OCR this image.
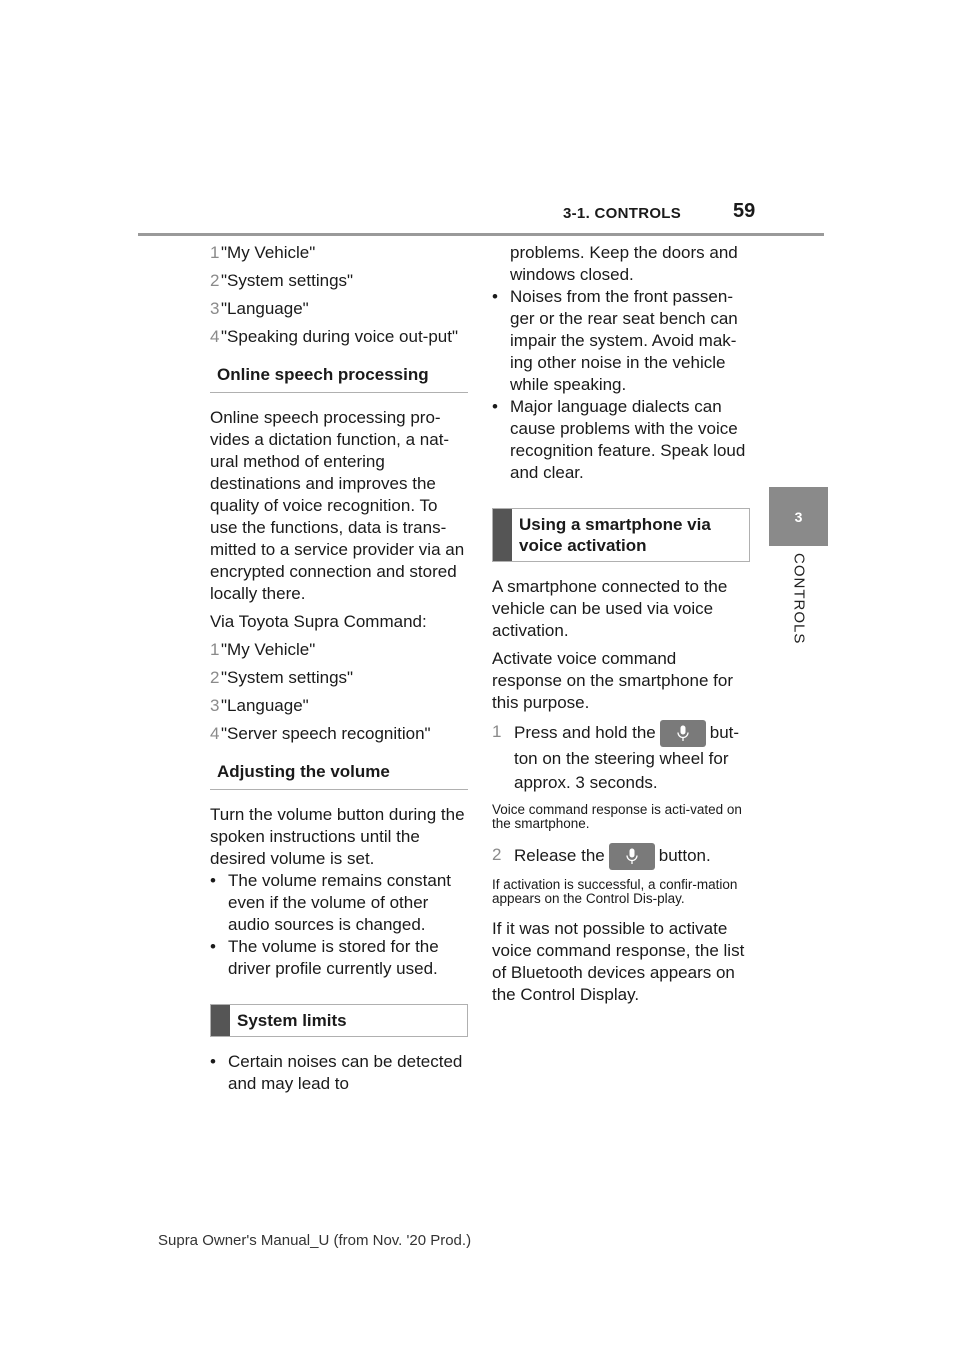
3-1. CONTROLS	59
3
CONTROLS
1 "My Vehicle"
2 "System settings"
3 "Language"
4 "Speaking during voice out-put"
Online speech processing

Online speech processing pro-vides a dictation function, a nat-ural method of entering destinations and improves the quality of voice recognition. To use the functions, data is trans-mitted to a service provider via an encrypted connection and stored locally there.

Via Toyota Supra Command:

1 "My Vehicle"
2 "System settings"
3 "Language"
4 "Server speech recognition"
Adjusting the volume

Turn the volume button during the spoken instructions until the desired volume is set.

• The volume remains constant even if the volume of other audio sources is changed.
• The volume is stored for the driver profile currently used.
System limits
• Certain noises can be detected and may lead to
problems. Keep the doors and windows closed.
• Noises from the front passen-ger or the rear seat bench can impair the system. Avoid mak-ing other noise in the vehicle while speaking.
• Major language dialects can cause problems with the voice recognition feature. Speak loud and clear.
Using a smartphone via voice activation

A smartphone connected to the vehicle can be used via voice activation.

Activate voice command response on the smartphone for this purpose.

1 Press and hold the	but-ton on the steering wheel for approx. 3 seconds.
Voice command response is acti-vated on the smartphone.
2 Release the	button.
If activation is successful, a confir-mation appears on the Control Dis-play.

If it was not possible to activate voice command response, the list of Bluetooth devices appears on the Control Display.

Supra Owner's Manual_U (from Nov. '20 Prod.)
